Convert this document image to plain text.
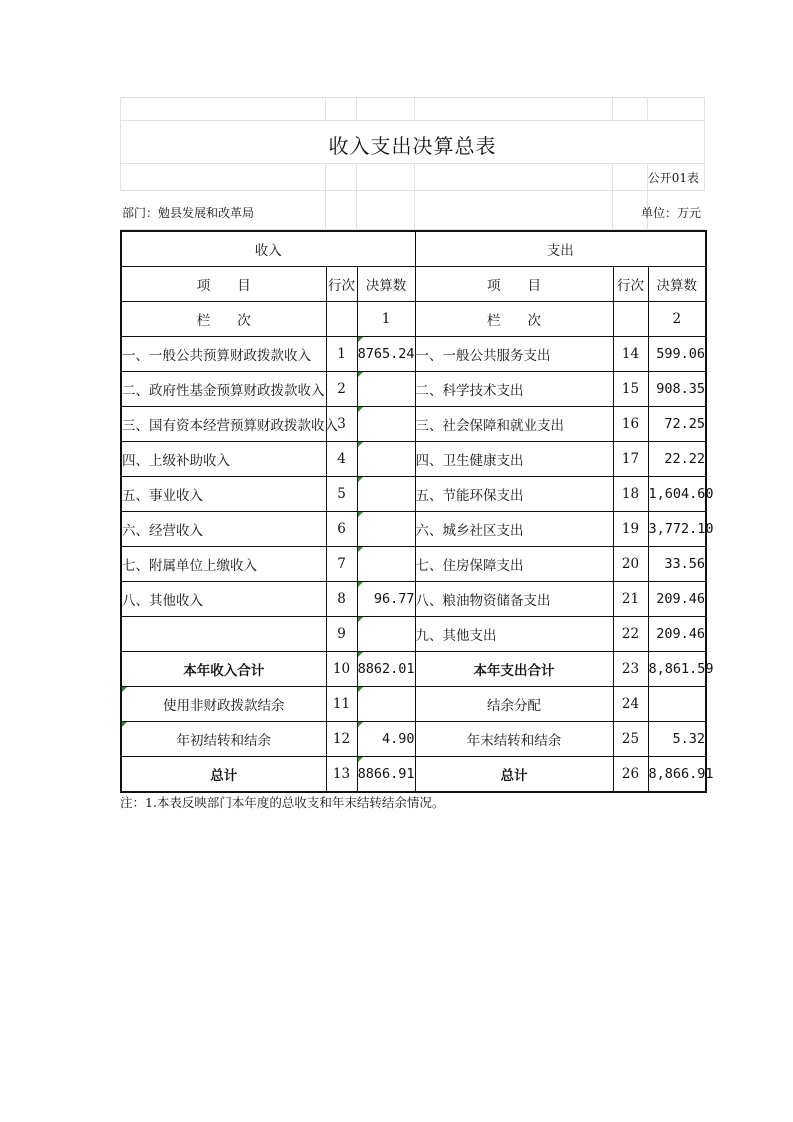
收入支出决算总表
公开01表
部门：勉县发展和改革局	单位：万元
收入			支出		
项　　目	行次	决算数	项　　目	行次	决算数
栏　　次		1	栏　　次		2
一、一般公共预算财政拨款收入	1	8765.24	一、一般公共服务支出	14	599.06
二、政府性基金预算财政拨款收入	2		二、科学技术支出	15	908.35
三、国有资本经营预算财政拨款收入	3		三、社会保障和就业支出	16	72.25
四、上级补助收入	4		四、卫生健康支出	17	22.22
五、事业收入	5		五、节能环保支出	18	1,604.60
六、经营收入	6		六、城乡社区支出	19	3,772.10
七、附属单位上缴收入	7		七、住房保障支出	20	33.56
八、其他收入	8	96.77	八、粮油物资储备支出	21	209.46
	9		九、其他支出	22	209.46
本年收入合计	10	8862.01	本年支出合计	23	8,861.59

使用非财政拨款结余	11		结余分配	24	

年初结转和结余	12	4.90	年末结转和结余	25	5.32
总计	13	8866.91	总计	26	8,866.91
注：1.本表反映部门本年度的总收支和年末结转结余情况。
